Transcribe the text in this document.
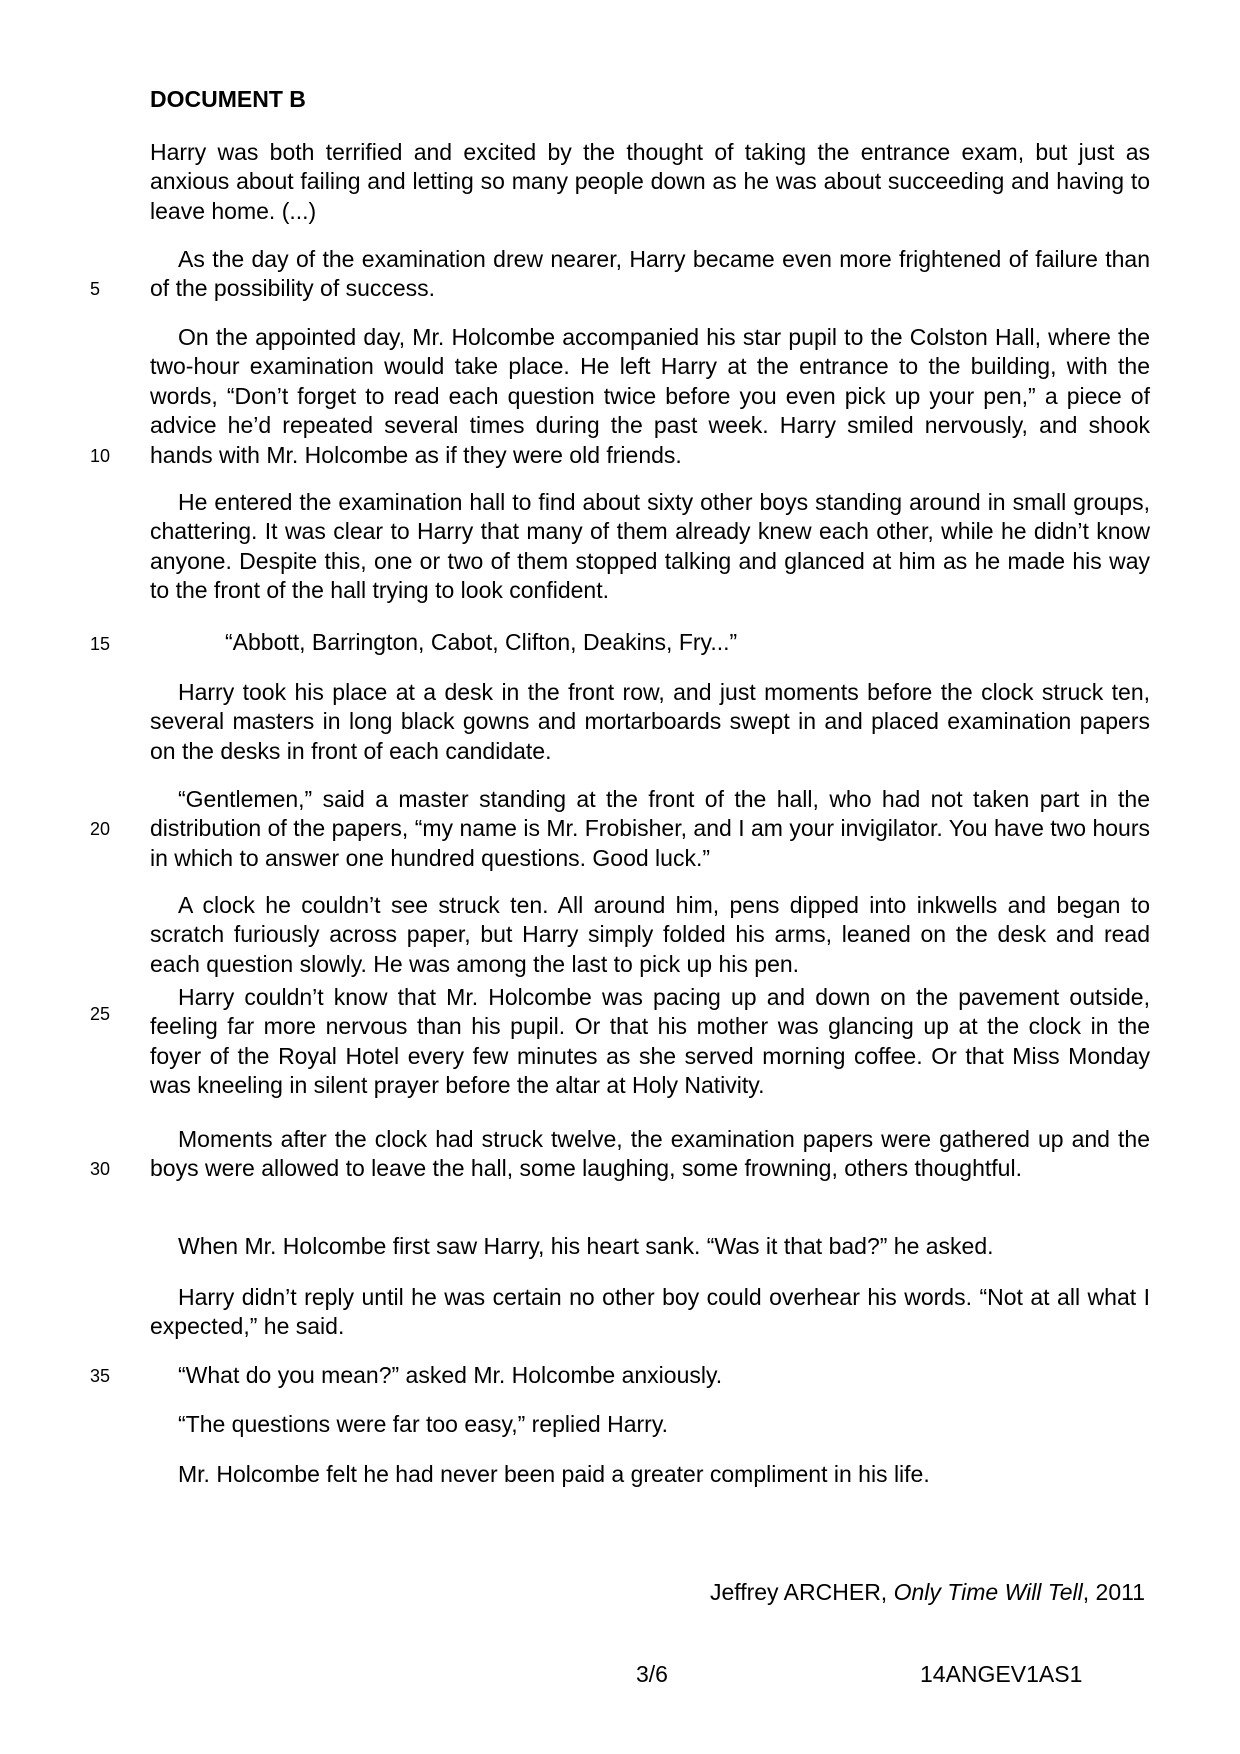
DOCUMENT B

Harry was both terrified and excited by the thought of taking the entrance exam, but just as anxious about failing and letting so many people down as he was about succeeding and having to leave home. (...)

As the day of the examination drew nearer, Harry became even more frightened of failure than of the possibility of success.

On the appointed day, Mr. Holcombe accompanied his star pupil to the Colston Hall, where the two-hour examination would take place. He left Harry at the entrance to the building, with the words, “Don’t forget to read each question twice before you even pick up your pen,” a piece of advice he’d repeated several times during the past week. Harry smiled nervously, and shook hands with Mr. Holcombe as if they were old friends.

He entered the examination hall to find about sixty other boys standing around in small groups, chattering. It was clear to Harry that many of them already knew each other, while he didn’t know anyone. Despite this, one or two of them stopped talking and glanced at him as he made his way to the front of the hall trying to look confident.

“Abbott, Barrington, Cabot, Clifton, Deakins, Fry...”

Harry took his place at a desk in the front row, and just moments before the clock struck ten, several masters in long black gowns and mortarboards swept in and placed examination papers on the desks in front of each candidate.

“Gentlemen,” said a master standing at the front of the hall, who had not taken part in the distribution of the papers, “my name is Mr. Frobisher, and I am your invigilator. You have two hours in which to answer one hundred questions. Good luck.”

A clock he couldn’t see struck ten. All around him, pens dipped into inkwells and began to scratch furiously across paper, but Harry simply folded his arms, leaned on the desk and read each question slowly. He was among the last to pick up his pen.

Harry couldn’t know that Mr. Holcombe was pacing up and down on the pavement outside, feeling far more nervous than his pupil. Or that his mother was glancing up at the clock in the foyer of the Royal Hotel every few minutes as she served morning coffee. Or that Miss Monday was kneeling in silent prayer before the altar at Holy Nativity.

Moments after the clock had struck twelve, the examination papers were gathered up and the boys were allowed to leave the hall, some laughing, some frowning, others thoughtful.

When Mr. Holcombe first saw Harry, his heart sank. “Was it that bad?” he asked.

Harry didn’t reply until he was certain no other boy could overhear his words. “Not at all what I expected,” he said.

“What do you mean?” asked Mr. Holcombe anxiously.

“The questions were far too easy,” replied Harry.

Mr. Holcombe felt he had never been paid a greater compliment in his life.

5
10
15
20
25
30
35
Jeffrey ARCHER, Only Time Will Tell, 2011
3/6	14ANGEV1AS1
